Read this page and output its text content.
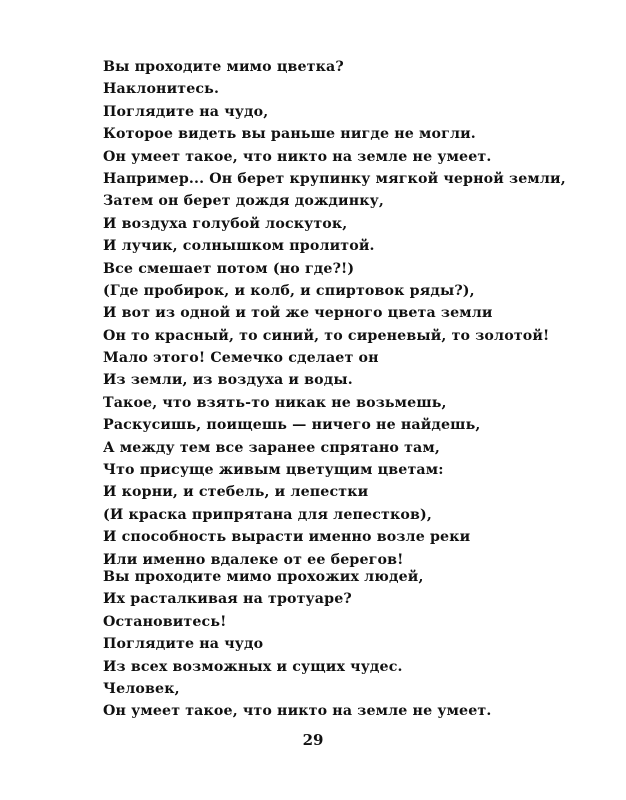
Вы проходите мимо цветка?
Наклонитесь.
Поглядите на чудо,
Которое видеть вы раньше нигде не могли.
Он умеет такое, что никто на земле не умеет.
Например... Он берет крупинку мягкой черной земли,
Затем он берет дождя дождинку,
И воздуха голубой лоскуток,
И лучик, солнышком пролитой.
Все смешает потом (но где?!)
(Где пробирок, и колб, и спиртовок ряды?),
И вот из одной и той же черного цвета земли
Он то красный, то синий, то сиреневый, то золотой!
Мало этого! Семечко сделает он
Из земли, из воздуха и воды.
Такое, что взять-то никак не возьмешь,
Раскусишь, поищешь — ничего не найдешь,
А между тем все заранее спрятано там,
Что присуще живым цветущим цветам:
И корни, и стебель, и лепестки
(И краска припрятана для лепестков),
И способность вырасти именно возле реки
Или именно вдалеке от ее берегов!
Вы проходите мимо прохожих людей,
Их расталкивая на тротуаре?
Остановитесь!
Поглядите на чудо
Из всех возможных и сущих чудес.
Человек,
Он умеет такое, что никто на земле не умеет.
29
